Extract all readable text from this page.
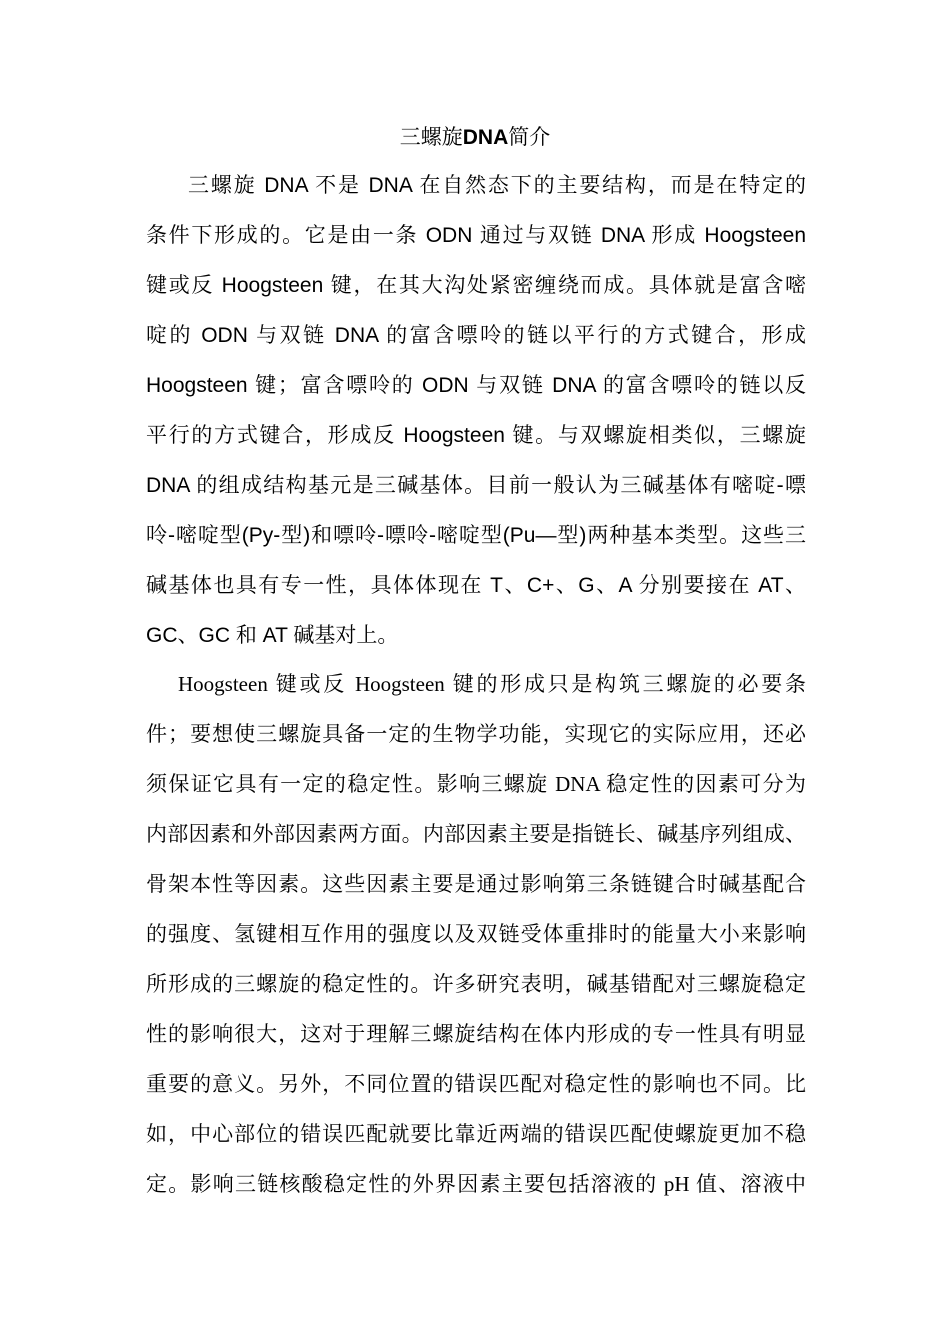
三螺旋DNA简介
三螺旋 DNA 不是 DNA 在自然态下的主要结构，而是在特定的
条件下形成的。它是由一条 ODN 通过与双链 DNA 形成 Hoogsteen
键或反 Hoogsteen 键，在其大沟处紧密缠绕而成。具体就是富含嘧
啶的 ODN 与双链 DNA 的富含嘌呤的链以平行的方式键合，形成
Hoogsteen 键；富含嘌呤的 ODN 与双链 DNA 的富含嘌呤的链以反
平行的方式键合，形成反 Hoogsteen 键。与双螺旋相类似，三螺旋
DNA 的组成结构基元是三碱基体。目前一般认为三碱基体有嘧啶-嘌
呤-嘧啶型(Py-型)和嘌呤-嘌呤-嘧啶型(Pu—型)两种基本类型。这些三
碱基体也具有专一性，具体体现在 T、C+、G、A 分别要接在 AT、
GC、GC 和 AT 碱基对上。
Hoogsteen 键或反 Hoogsteen 键的形成只是构筑三螺旋的必要条
件；要想使三螺旋具备一定的生物学功能，实现它的实际应用，还必
须保证它具有一定的稳定性。影响三螺旋 DNA 稳定性的因素可分为
内部因素和外部因素两方面。内部因素主要是指链长、碱基序列组成、
骨架本性等因素。这些因素主要是通过影响第三条链键合时碱基配合
的强度、氢键相互作用的强度以及双链受体重排时的能量大小来影响
所形成的三螺旋的稳定性的。许多研究表明，碱基错配对三螺旋稳定
性的影响很大，这对于理解三螺旋结构在体内形成的专一性具有明显
重要的意义。另外，不同位置的错误匹配对稳定性的影响也不同。比
如，中心部位的错误匹配就要比靠近两端的错误匹配使螺旋更加不稳
定。影响三链核酸稳定性的外界因素主要包括溶液的 pH 值、溶液中
